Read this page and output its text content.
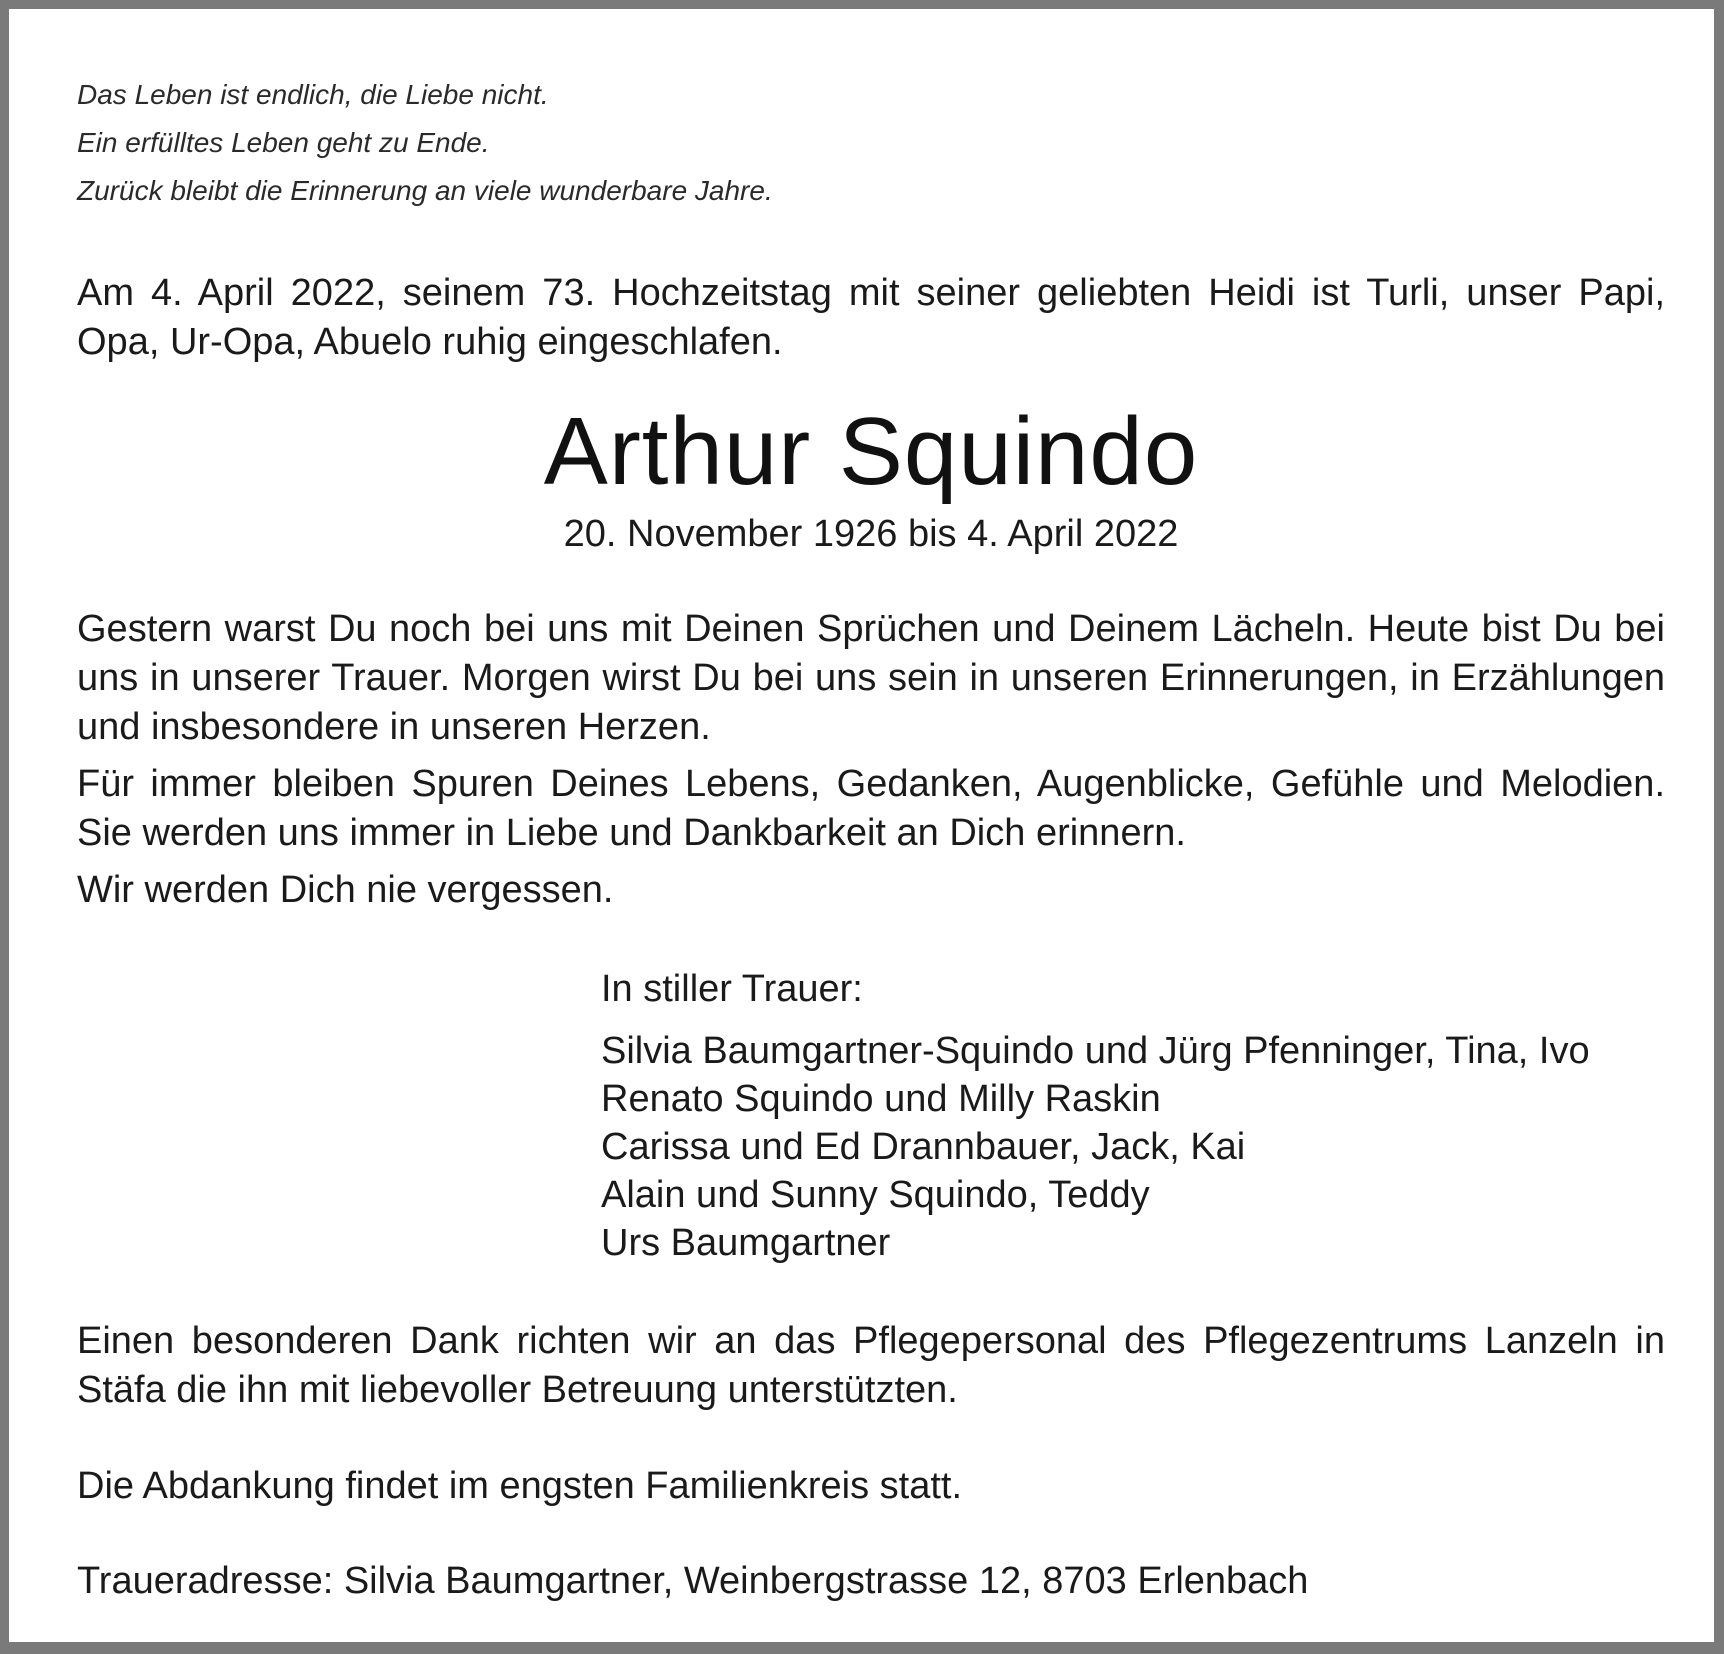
Das Leben ist endlich, die Liebe nicht.
Ein erfülltes Leben geht zu Ende.
Zurück bleibt die Erinnerung an viele wunderbare Jahre.

Am 4. April 2022, seinem 73. Hochzeitstag mit seiner geliebten Heidi ist Turli, unser Papi, Opa, Ur-Opa, Abuelo ruhig eingeschlafen.

Arthur Squindo

20. November 1926 bis 4. April 2022

Gestern warst Du noch bei uns mit Deinen Sprüchen und Deinem Lächeln. Heute bist Du bei uns in unserer Trauer. Morgen wirst Du bei uns sein in unseren Erinnerungen, in Erzählungen und insbesondere in unseren Herzen.

Für immer bleiben Spuren Deines Lebens, Gedanken, Augenblicke, Gefühle und Melodien. Sie werden uns immer in Liebe und Dankbarkeit an Dich erinnern.

Wir werden Dich nie vergessen.

In stiller Trauer:

Silvia Baumgartner-Squindo und Jürg Pfenninger, Tina, Ivo
Renato Squindo und Milly Raskin
Carissa und Ed Drannbauer, Jack, Kai
Alain und Sunny Squindo, Teddy
Urs Baumgartner

Einen besonderen Dank richten wir an das Pflegepersonal des Pflegezentrums Lanzeln in Stäfa die ihn mit liebevoller Betreuung unterstützten.

Die Abdankung findet im engsten Familienkreis statt.

Traueradresse: Silvia Baumgartner, Weinbergstrasse 12, 8703 Erlenbach
